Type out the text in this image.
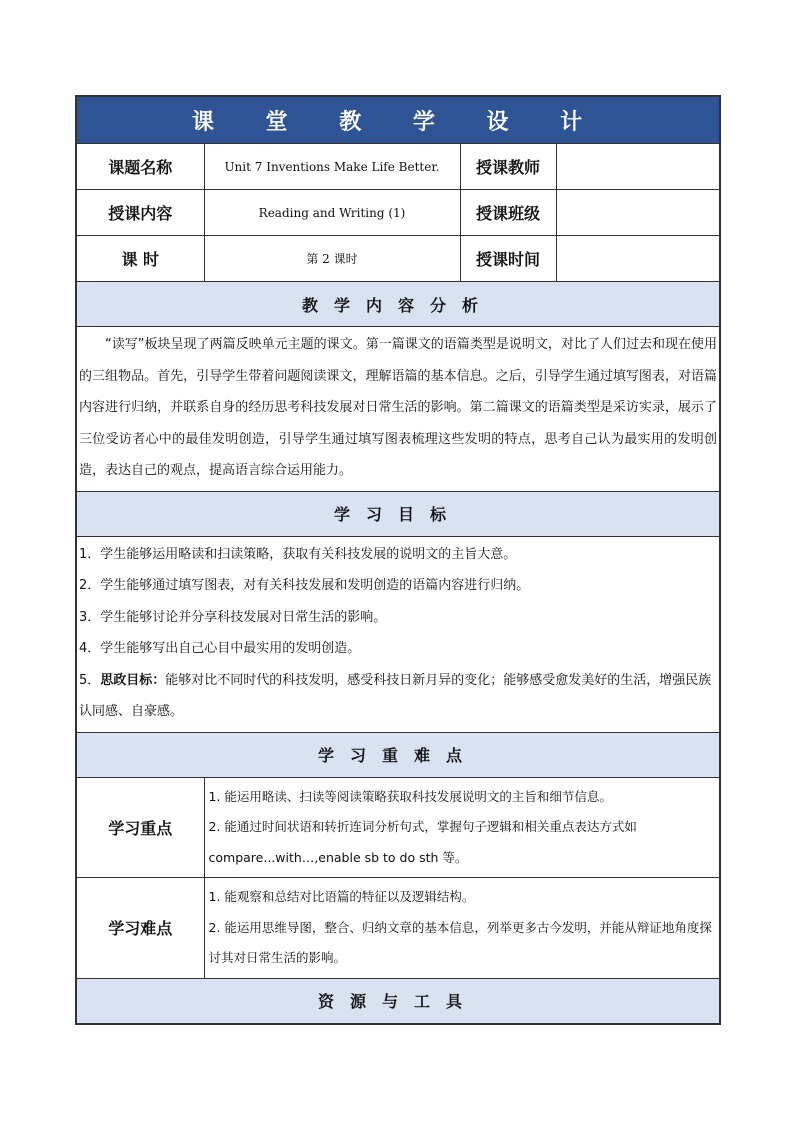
课 堂 教 学 设 计			
课题名称	Unit 7 Inventions Make Life Better.	授课教师	
授课内容	Reading and Writing (1)	授课班级	
课 时	第 2 课时	授课时间	
教学内容分析			
“读写”板块呈现了两篇反映单元主题的课文。第一篇课文的语篇类型是说明文，对比了人们过去和现在使用的三组物品。首先，引导学生带着问题阅读课文，理解语篇的基本信息。之后，引导学生通过填写图表，对语篇内容进行归纳，并联系自身的经历思考科技发展对日常生活的影响。第二篇课文的语篇类型是采访实录，展示了三位受访者心中的最佳发明创造，引导学生通过填写图表梳理这些发明的特点，思考自己认为最实用的发明创造，表达自己的观点，提高语言综合运用能力。			
学习目标			

1．学生能够运用略读和扫读策略，获取有关科技发展的说明文的主旨大意。
2．学生能够通过填写图表，对有关科技发展和发明创造的语篇内容进行归纳。
3．学生能够讨论并分享科技发展对日常生活的影响。
4．学生能够写出自己心目中最实用的发明创造。
5．思政目标：能够对比不同时代的科技发明，感受科技日新月异的变化；能够感受愈发美好的生活，增强民族认同感、自豪感。			

学习重难点			
学习重点	1. 能运用略读、扫读等阅读策略获取科技发展说明文的主旨和细节信息。
2. 能通过时间状语和转折连词分析句式，掌握句子逻辑和相关重点表达方式如compare...with…,enable sb to do sth 等。		

学习难点	1. 能观察和总结对比语篇的特征以及逻辑结构。
2. 能运用思维导图，整合、归纳文章的基本信息，列举更多古今发明，并能从辩证地角度探讨其对日常生活的影响。		

资源与工具			
